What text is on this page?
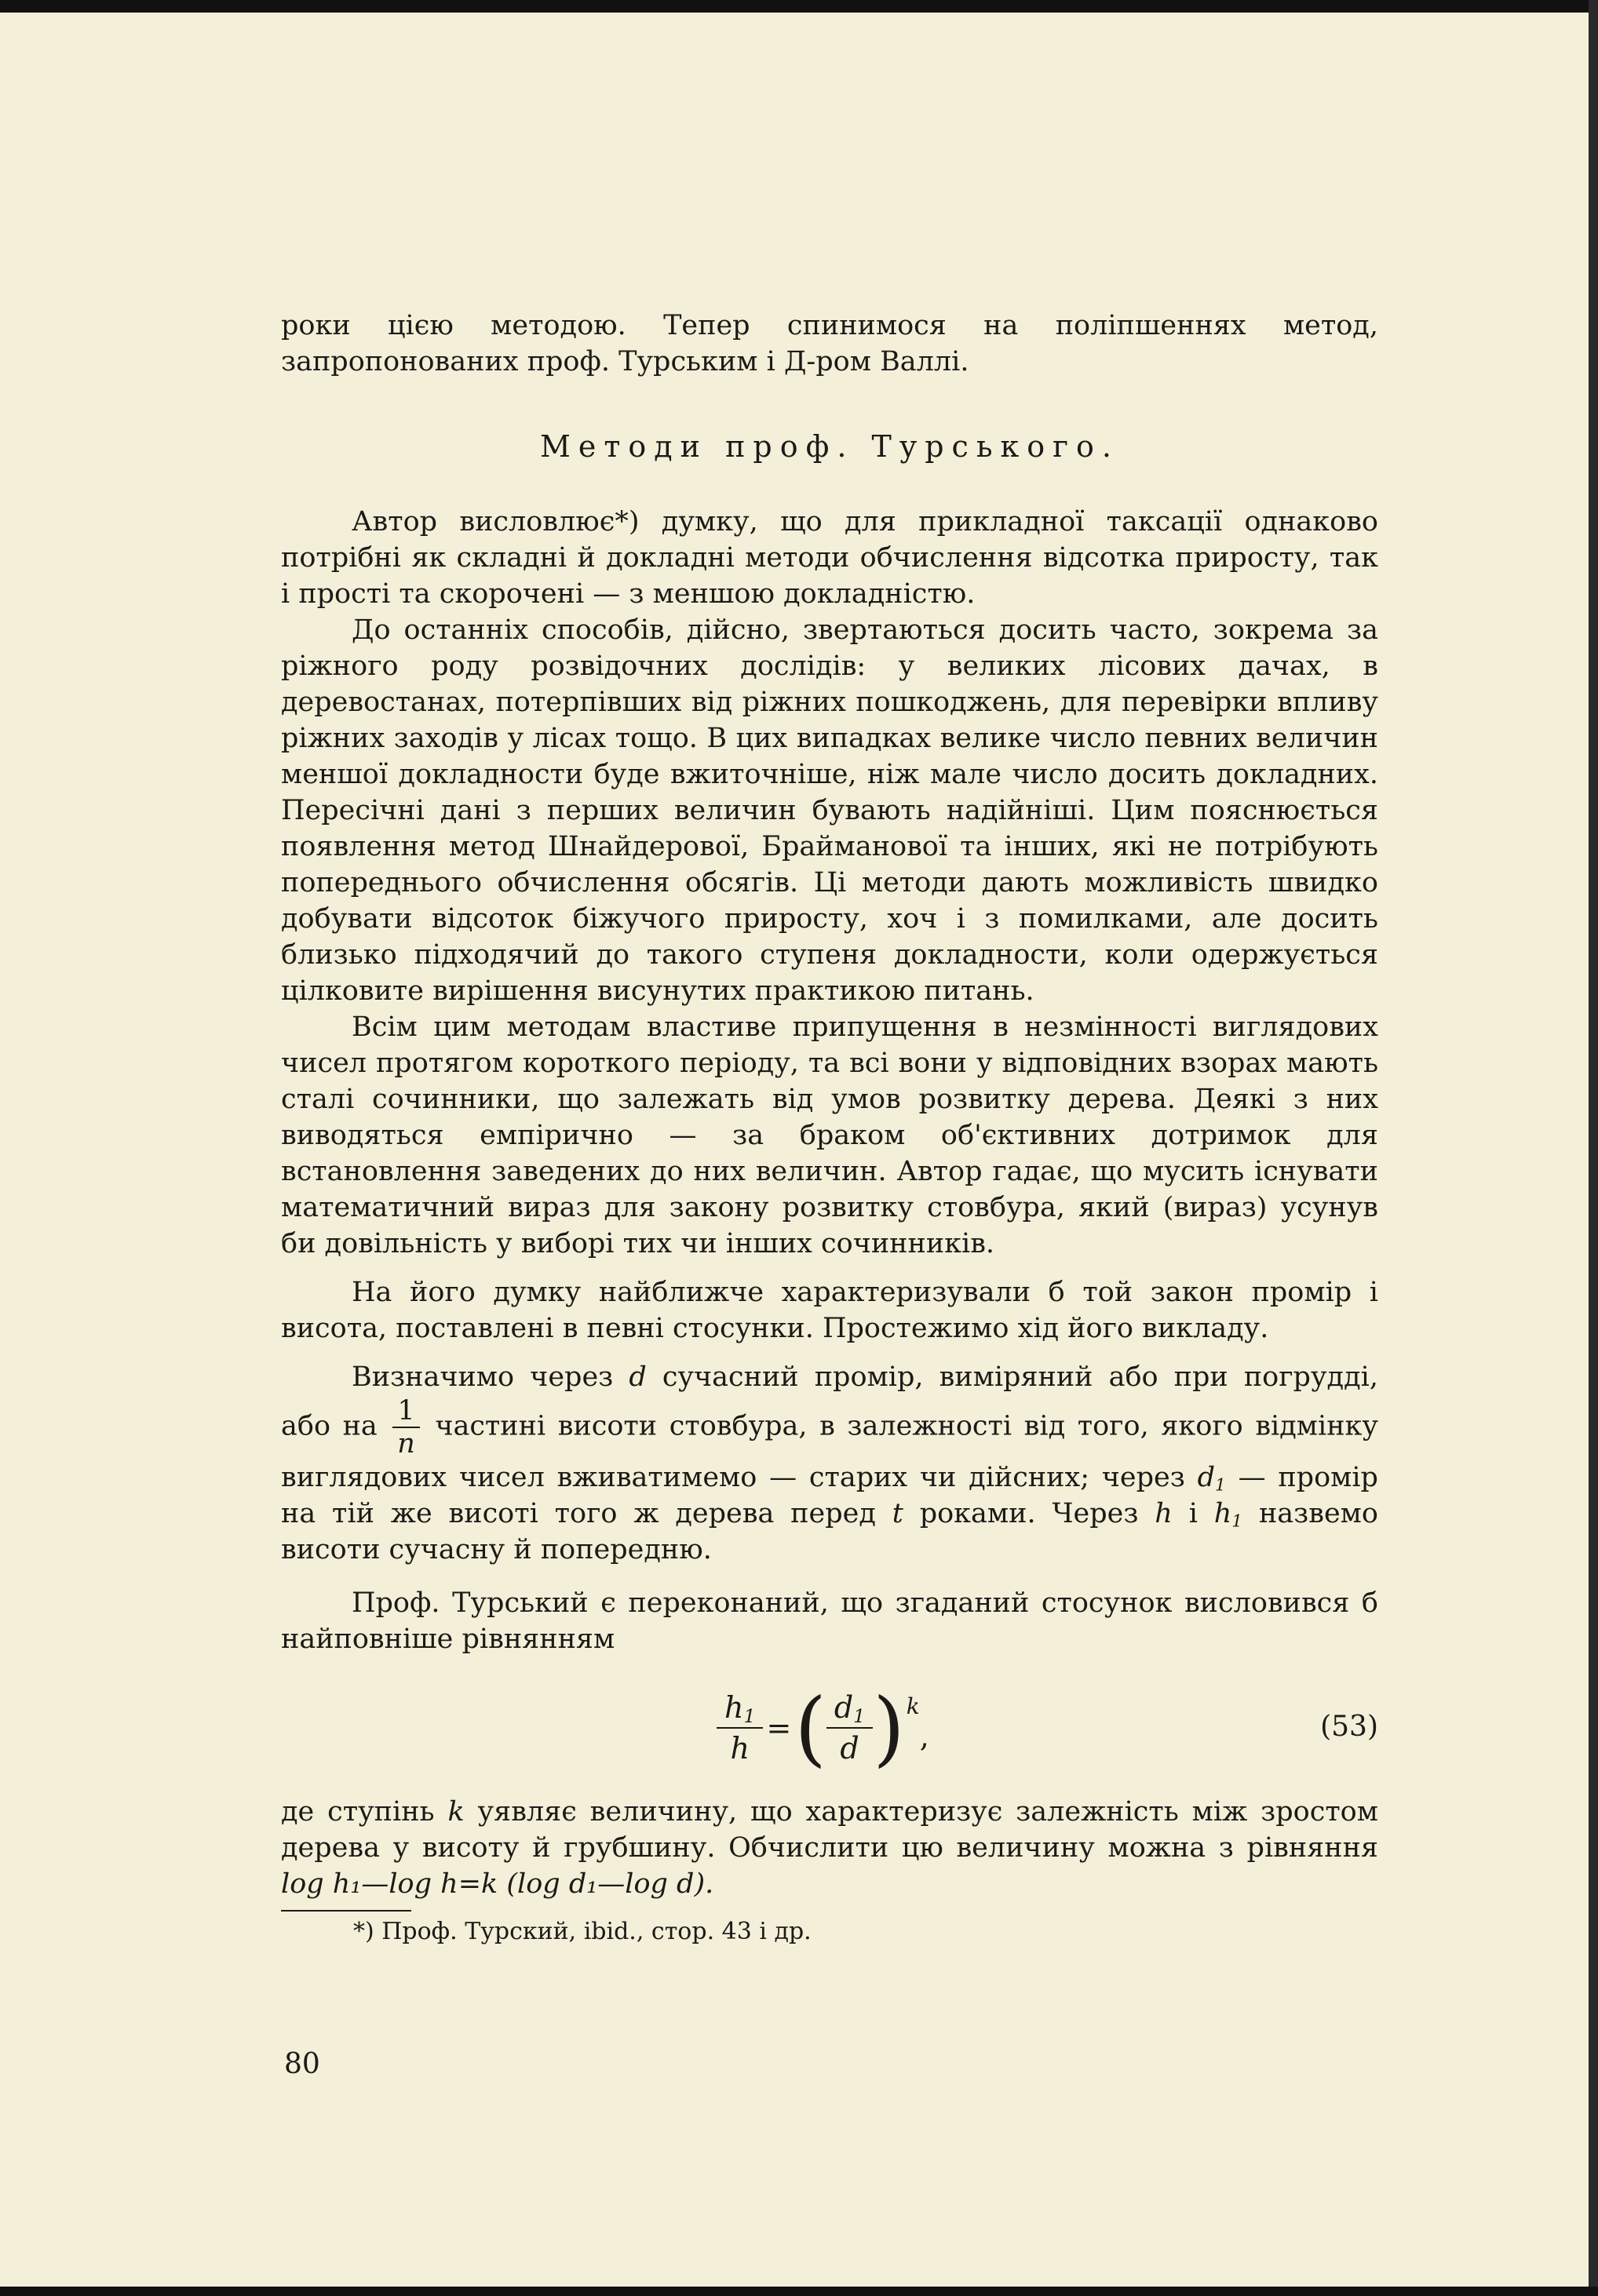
роки цією методою. Тепер спинимося на поліпшеннях метод, запропонованих проф. Турським і Д-ром Валлі.

Методи проф. Турського.

Автор висловлює*) думку, що для прикладної таксації однаково потрібні як складні й докладні методи обчислення відсотка приросту, так і прості та скорочені — з меншою докладністю.

До останніх способів, дійсно, звертаються досить часто, зокрема за ріжного роду розвідочних дослідів: у великих лісових дачах, в деревостанах, потерпівших від ріжних пошкоджень, для перевірки впливу ріжних заходів у лісах тощо. В цих випадках велике число певних величин меншої докладности буде вжиточніше, ніж мале число досить докладних. Пересічні дані з перших величин бувають надійніші. Цим пояснюється появлення метод Шнайдерової, Брайманової та інших, які не потрібують попереднього обчислення обсягів. Ці методи дають можливість швидко добувати відсоток біжучого приросту, хоч і з помилками, але досить близько підходячий до такого ступеня докладности, коли одержується цілковите вирішення висунутих практикою питань.

Всім цим методам властиве припущення в незмінності виглядових чисел протягом короткого періоду, та всі вони у відповідних взорах мають сталі сочинники, що залежать від умов розвитку дерева. Деякі з них виводяться емпірично — за браком об'єктивних дотримок для встановлення заведених до них величин. Автор гадає, що мусить існувати математичний вираз для закону розвитку стовбура, який (вираз) усунув би довільність у виборі тих чи інших сочинників.

На його думку найближче характеризували б той закон промір і висота, поставлені в певні стосунки. Простежимо хід його викладу.

Визначимо через d сучасний промір, виміряний або при погрудді, або на $\frac{1}{n}$ частині висоти стовбура, в залежності від того, якого відмінку виглядових чисел вживатимемо — старих чи дійсних; через $d_1$ — промір на тій же висоті того ж дерева перед t роками. Через h і $h_1$ назвемо висоти сучасну й попередню.

Проф. Турський є переконаний, що згаданий стосунок висловився б найповніше рівнянням

$\frac{h_1}{h}$ = ( $\frac{d_1}{d}$ ) k
,	(53)

де ступінь k уявляє величину, що характеризує залежність між зростом дерева у висоту й грубшину. Обчислити цю величину можна з рівняння log h₁—log h=k (log d₁—log d).

*) Проф. Турский, ibid., стор. 43 і др.

80
